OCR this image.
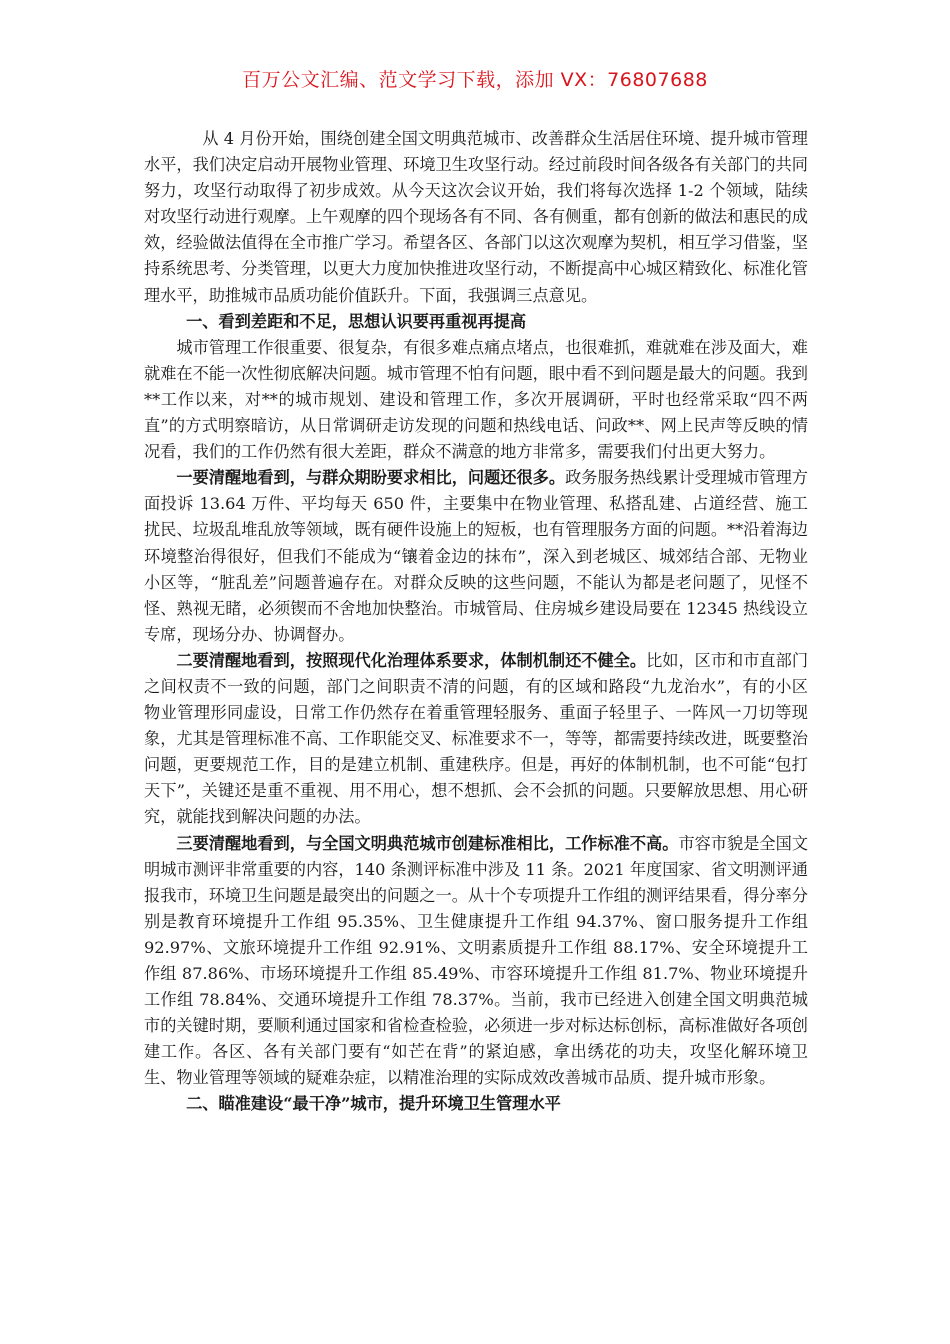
百万公文汇编、范文学习下载，添加 VX：76807688

从 4 月份开始，围绕创建全国文明典范城市、改善群众生活居住环境、提升城市管理水平，我们决定启动开展物业管理、环境卫生攻坚行动。经过前段时间各级各有关部门的共同努力，攻坚行动取得了初步成效。从今天这次会议开始，我们将每次选择 1-2 个领域，陆续对攻坚行动进行观摩。上午观摩的四个现场各有不同、各有侧重，都有创新的做法和惠民的成效，经验做法值得在全市推广学习。希望各区、各部门以这次观摩为契机，相互学习借鉴，坚持系统思考、分类管理，以更大力度加快推进攻坚行动，不断提高中心城区精致化、标准化管理水平，助推城市品质功能价值跃升。下面，我强调三点意见。

一、看到差距和不足，思想认识要再重视再提高

城市管理工作很重要、很复杂，有很多难点痛点堵点，也很难抓，难就难在涉及面大，难就难在不能一次性彻底解决问题。城市管理不怕有问题，眼中看不到问题是最大的问题。我到**工作以来，对**的城市规划、建设和管理工作，多次开展调研，平时也经常采取“四不两直”的方式明察暗访，从日常调研走访发现的问题和热线电话、问政**、网上民声等反映的情况看，我们的工作仍然有很大差距，群众不满意的地方非常多，需要我们付出更大努力。

一要清醒地看到，与群众期盼要求相比，问题还很多。政务服务热线累计受理城市管理方面投诉 13.64 万件、平均每天 650 件，主要集中在物业管理、私搭乱建、占道经营、施工扰民、垃圾乱堆乱放等领域，既有硬件设施上的短板，也有管理服务方面的问题。**沿着海边环境整治得很好，但我们不能成为“镶着金边的抹布”，深入到老城区、城郊结合部、无物业小区等，“脏乱差”问题普遍存在。对群众反映的这些问题，不能认为都是老问题了，见怪不怪、熟视无睹，必须锲而不舍地加快整治。市城管局、住房城乡建设局要在 12345 热线设立专席，现场分办、协调督办。

二要清醒地看到，按照现代化治理体系要求，体制机制还不健全。比如，区市和市直部门之间权责不一致的问题，部门之间职责不清的问题，有的区域和路段“九龙治水”，有的小区物业管理形同虚设，日常工作仍然存在着重管理轻服务、重面子轻里子、一阵风一刀切等现象，尤其是管理标准不高、工作职能交叉、标准要求不一，等等，都需要持续改进，既要整治问题，更要规范工作，目的是建立机制、重建秩序。但是，再好的体制机制，也不可能“包打天下”，关键还是重不重视、用不用心，想不想抓、会不会抓的问题。只要解放思想、用心研究，就能找到解决问题的办法。

三要清醒地看到，与全国文明典范城市创建标准相比，工作标准不高。市容市貌是全国文明城市测评非常重要的内容，140 条测评标准中涉及 11 条。2021 年度国家、省文明测评通报我市，环境卫生问题是最突出的问题之一。从十个专项提升工作组的测评结果看，得分率分别是教育环境提升工作组 95.35%、卫生健康提升工作组 94.37%、窗口服务提升工作组 92.97%、文旅环境提升工作组 92.91%、文明素质提升工作组 88.17%、安全环境提升工作组 87.86%、市场环境提升工作组 85.49%、市容环境提升工作组 81.7%、物业环境提升工作组 78.84%、交通环境提升工作组 78.37%。当前，我市已经进入创建全国文明典范城市的关键时期，要顺利通过国家和省检查检验，必须进一步对标达标创标，高标准做好各项创建工作。各区、各有关部门要有“如芒在背”的紧迫感，拿出绣花的功夫，攻坚化解环境卫生、物业管理等领域的疑难杂症，以精准治理的实际成效改善城市品质、提升城市形象。

二、瞄准建设“最干净”城市，提升环境卫生管理水平
